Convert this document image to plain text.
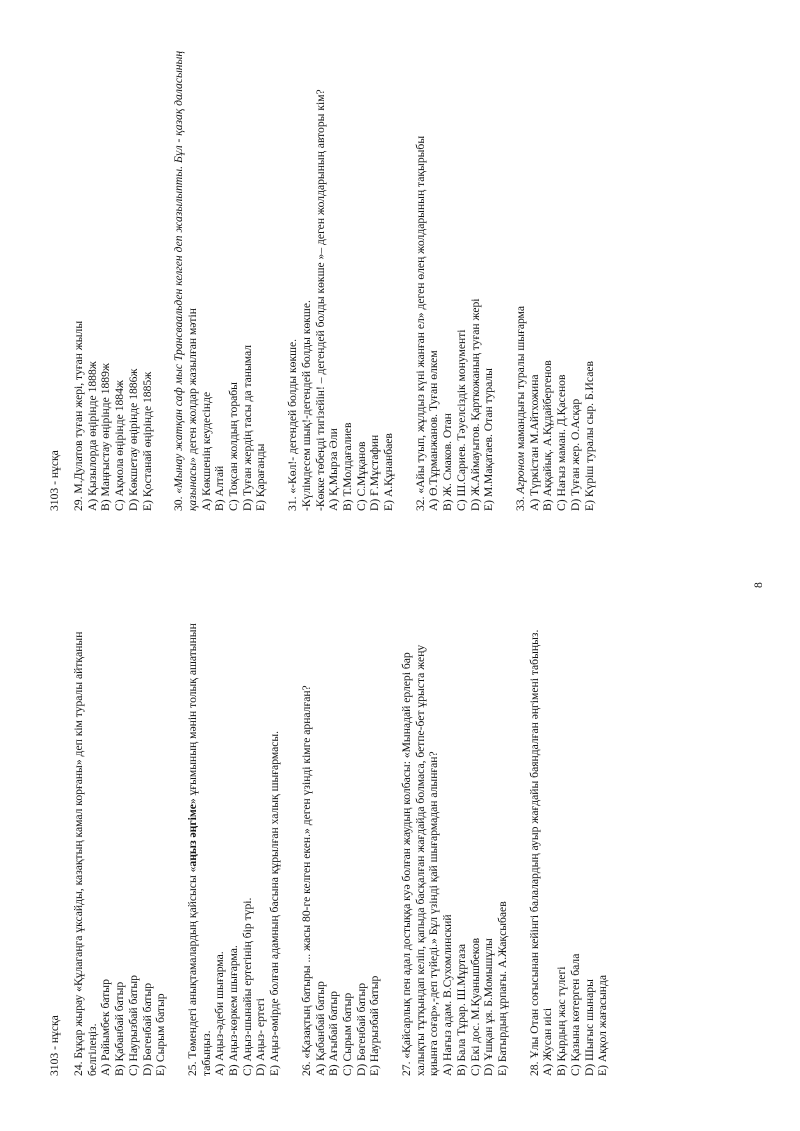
3103 - нұсқа 24. Бұқар жырау «Құлагаңга ұксайды, казақтың камал корғаны» деп кім туралы айтқанын белгілеңіз. А) Райымбек батыр В) Қабанбай батыр С) Наурызбай батыр D) Бөгенбай батыр Е) Сырым батыр 25. Төмендегі анықтамалардың қайсысы «аңыз әңгіме» ұғымының мәнін толық ашатынын табыңыз. А) Аңыз-әдеби шығарма. В) Аңыз-көркем шығарма. С) Аңыз-шынайы ертегінің бір түрі. D) Аңыз- ертегі Е) Аңыз-өмірде болған адамның басына құрылған халық шығармасы. 26. «Қазақтың батыры ... жасы 80-ге келген екен.» деген үзінді кімге арналған? А) Қабанбай батыр В) Ағыбай батыр С) Сырым батыр D) Бөгенбай батыр Е) Наурызбай батыр 27. «Қайсарлық пен адал достыққа куә болған жаудың колбасы: «Мынадай ерлері бар халықты тұтқындап келіп, қапыда басқалған жағдайда болмаса, бетпе-бет ұрыста жеңу қиынға соғар»,-деп түйеді.» Бұл үзінді қай шығармадан алынған? А) Нағыз адам. В.Сухомлинский В) Бала Тұрар. Ш.Мұртаза С) Екі дос. М.Қуанышбеков D) Ұшқан ұя. Б.Момышұлы Е) Батырдың ұрпағы. А.Жақсыбаев 28. Ұлы Отан соғысынан кейінгі балалардың ауыр жағдайы баяндалған әңгімені табыңыз. А) Жусан иісі В) Қырдың жас түлегі С) Қазына көтерген бала D) Шығыс шынары Е) Аққол жағасында

8
3103 - нұсқа 29. М.Дулатов туған жері, туған жылы А) Қызылорда өңірінде 1888ж В) Маңғыстау өңірінде 1889ж С) Ақмола өңірінде 1884ж D) Көкшетау өңірінде 1886ж Е) Қостанай өңірінде 1885ж 30. «Мынау жатқан саф мыс Трансваальден келген деп жазылыпты. Бұл - қазақ даласының қазынасы» деген жолдар жазылған мәтін А) Көкшенің кеудесінде В) Алтай С) Тоқсан жолдың торабы D) Туған жердің тасы да танымал Е) Қарағанды 31. «-Көл!- дегендей болды көкше.
-Күлімдесем шық!-дегендей болды көкше.
-Көкке төбеңді тигізейін! – дегендей болды көкше »– деген жолдарының авторы кім? А) Қ.Мырза Әли В) Т.Молдағалиев С) С.Мұқанов D) Ғ.Мұстафин Е) А.Құнанбаев 32. «Айы туып, жұлдыз күні жанған ел» деген өлең жолдарының тақырыбы А) Ө.Тұрманжанов. Туған өлкем В) Ж. Смаков. Отан С) Ш.Сариев. Тәуелсіздік монументі D) Ж.Аймауытов. Қарткожаның туған жері Е) М.Мақатаев. Отан туралы 33. Агроном мамандығы туралы шығарма А) Түркістан М.Айтхожина В) Аққайық. А.Құдайбергенов С) Нағыз маман. Д.Қасенов D) Туған жер. О.Асқар Е) Күріш туралы сыр. Б.Исаев
